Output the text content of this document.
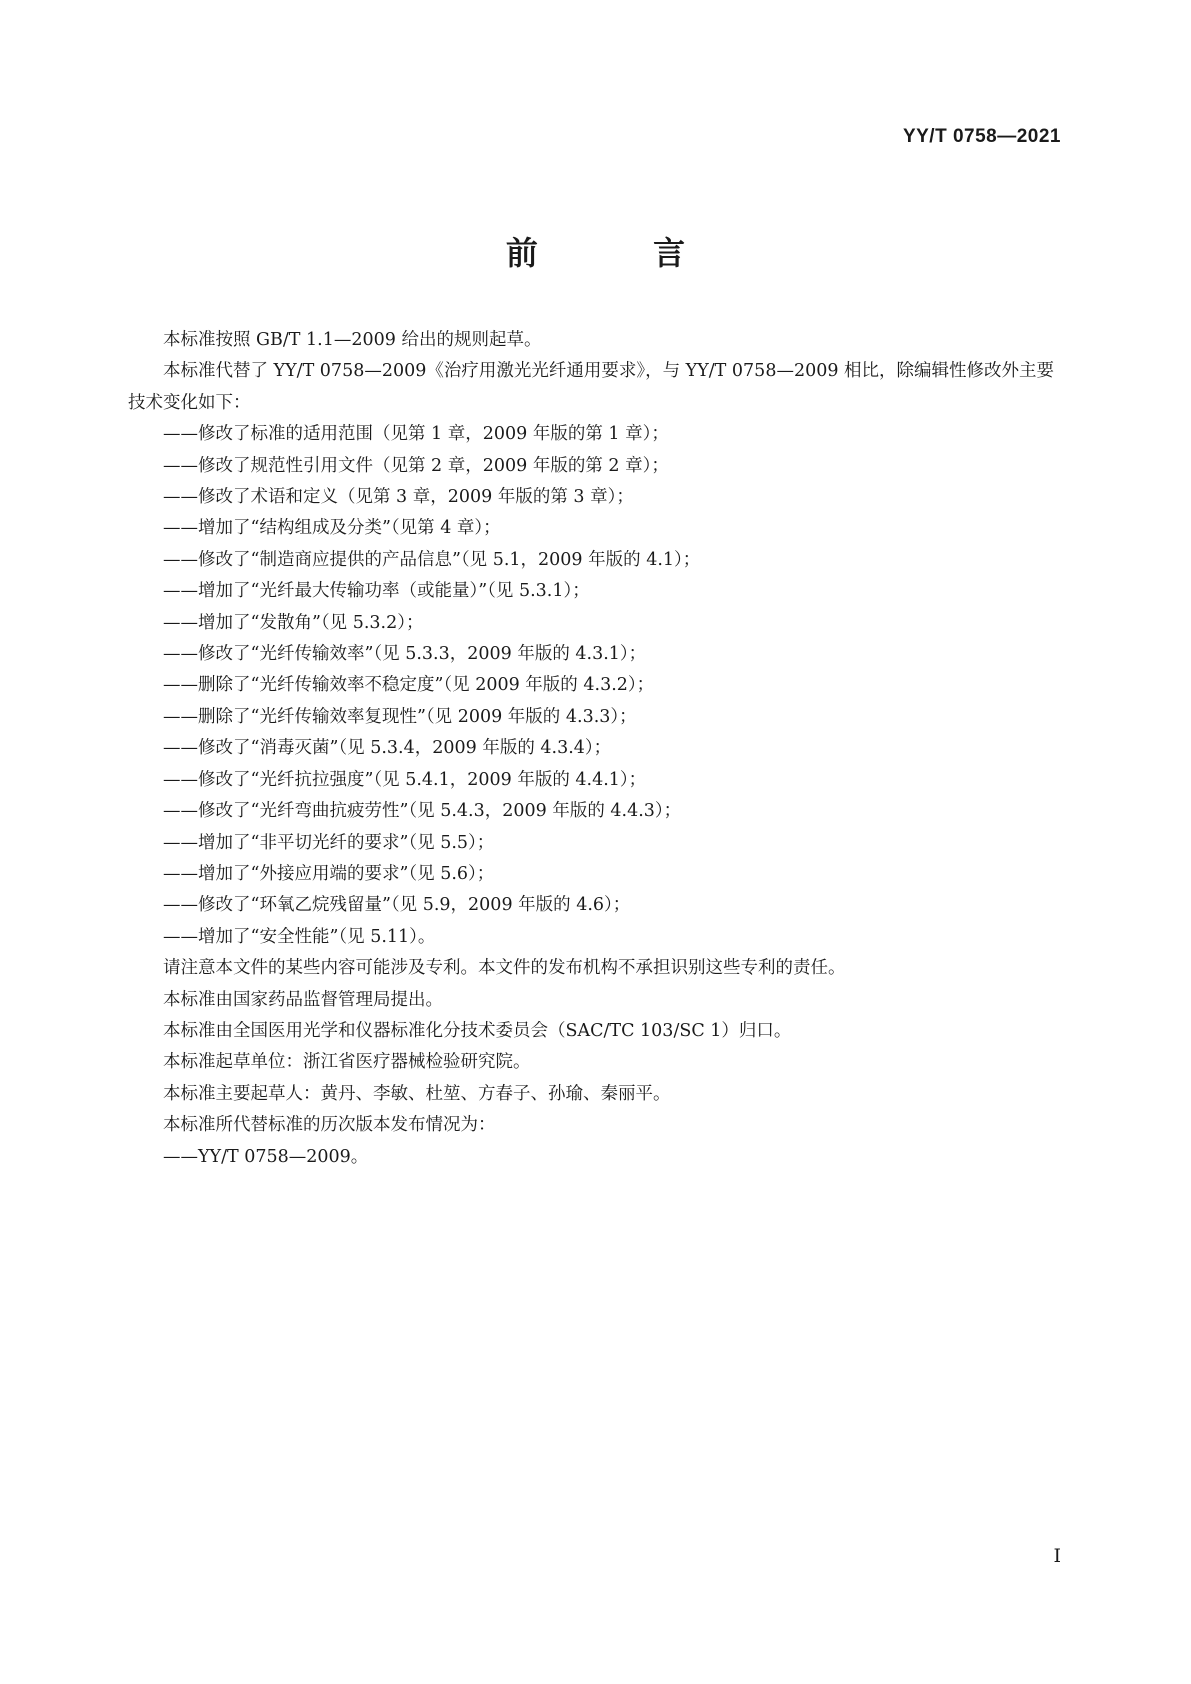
YY/T 0758—2021
前 言

本标准按照 GB/T 1.1—2009 给出的规则起草。

本标准代替了 YY/T 0758—2009《治疗用激光光纤通用要求》，与 YY/T 0758—2009 相比，除编辑性修改外主要技术变化如下：

——修改了标准的适用范围（见第 1 章，2009 年版的第 1 章）；

——修改了规范性引用文件（见第 2 章，2009 年版的第 2 章）；

——修改了术语和定义（见第 3 章，2009 年版的第 3 章）；

——增加了“结构组成及分类”（见第 4 章）；

——修改了“制造商应提供的产品信息”（见 5.1，2009 年版的 4.1）；

——增加了“光纤最大传输功率（或能量）”（见 5.3.1）；

——增加了“发散角”（见 5.3.2）；

——修改了“光纤传输效率”（见 5.3.3，2009 年版的 4.3.1）；

——删除了“光纤传输效率不稳定度”（见 2009 年版的 4.3.2）；

——删除了“光纤传输效率复现性”（见 2009 年版的 4.3.3）；

——修改了“消毒灭菌”（见 5.3.4，2009 年版的 4.3.4）；

——修改了“光纤抗拉强度”（见 5.4.1，2009 年版的 4.4.1）；

——修改了“光纤弯曲抗疲劳性”（见 5.4.3，2009 年版的 4.4.3）；

——增加了“非平切光纤的要求”（见 5.5）；

——增加了“外接应用端的要求”（见 5.6）；

——修改了“环氧乙烷残留量”（见 5.9，2009 年版的 4.6）；

——增加了“安全性能”（见 5.11）。

请注意本文件的某些内容可能涉及专利。本文件的发布机构不承担识别这些专利的责任。

本标准由国家药品监督管理局提出。

本标准由全国医用光学和仪器标准化分技术委员会（SAC/TC 103/SC 1）归口。

本标准起草单位：浙江省医疗器械检验研究院。

本标准主要起草人：黄丹、李敏、杜堃、方春子、孙瑜、秦丽平。

本标准所代替标准的历次版本发布情况为：

——YY/T 0758—2009。

I
